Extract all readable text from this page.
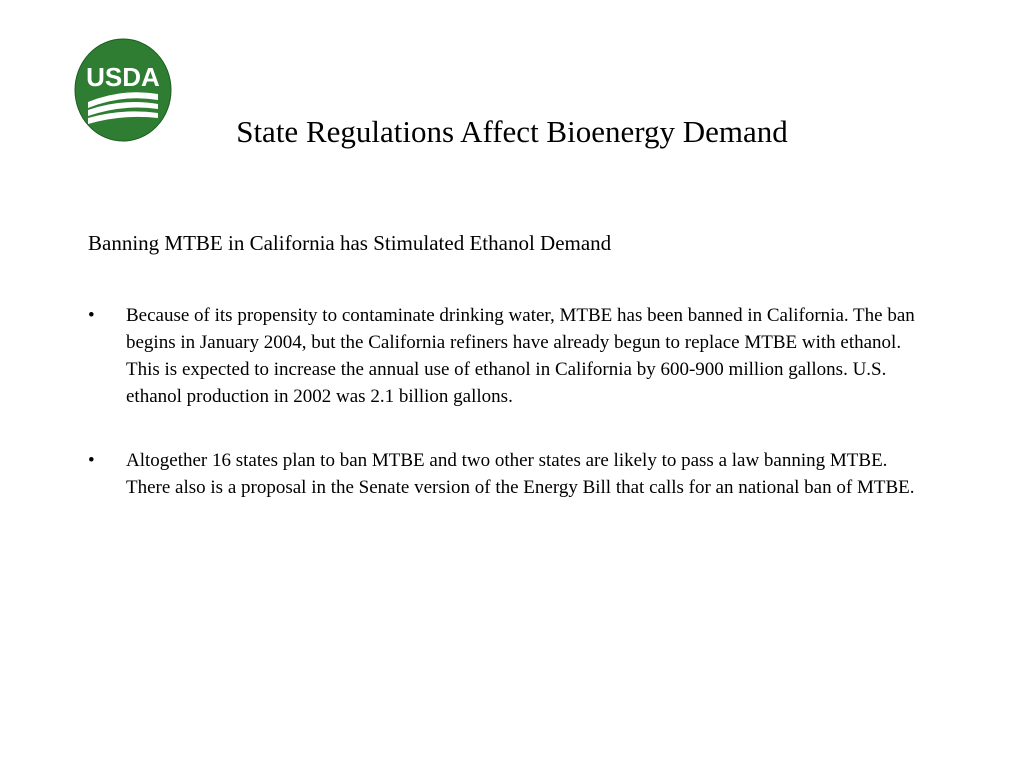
USDA
State Regulations Affect Bioenergy Demand
Banning MTBE in California has Stimulated Ethanol Demand
• Because of its propensity to contaminate drinking water, MTBE has been banned in California. The ban begins in January 2004, but the California refiners have already begun to replace MTBE with ethanol. This is expected to increase the annual use of ethanol in California by 600-900 million gallons. U.S. ethanol production in 2002 was 2.1 billion gallons.
• Altogether 16 states plan to ban MTBE and two other states are likely to pass a law banning MTBE. There also is a proposal in the Senate version of the Energy Bill that calls for an national ban of MTBE.
